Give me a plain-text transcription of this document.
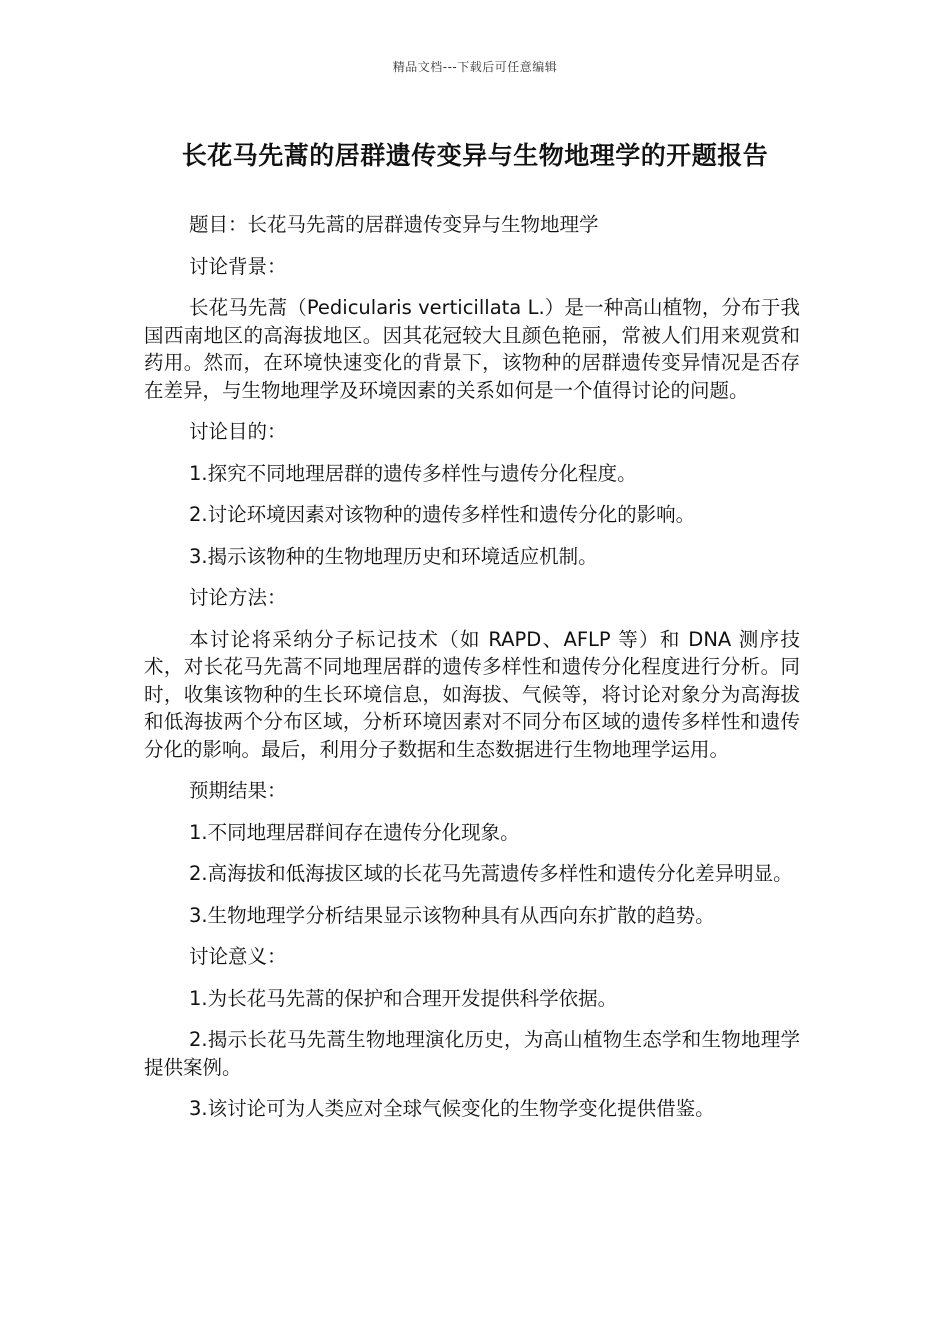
精品文档---下载后可任意编辑
长花马先蒿的居群遗传变异与生物地理学的开题报告

题目：长花马先蒿的居群遗传变异与生物地理学

讨论背景：

长花马先蒿（Pedicularis verticillata L.）是一种高山植物，分布于我国西南地区的高海拔地区。因其花冠较大且颜色艳丽，常被人们用来观赏和药用。然而，在环境快速变化的背景下，该物种的居群遗传变异情况是否存在差异，与生物地理学及环境因素的关系如何是一个值得讨论的问题。

讨论目的：

1.探究不同地理居群的遗传多样性与遗传分化程度。

2.讨论环境因素对该物种的遗传多样性和遗传分化的影响。

3.揭示该物种的生物地理历史和环境适应机制。

讨论方法：

本讨论将采纳分子标记技术（如 RAPD、AFLP 等）和 DNA 测序技术，对长花马先蒿不同地理居群的遗传多样性和遗传分化程度进行分析。同时，收集该物种的生长环境信息，如海拔、气候等，将讨论对象分为高海拔和低海拔两个分布区域，分析环境因素对不同分布区域的遗传多样性和遗传分化的影响。最后，利用分子数据和生态数据进行生物地理学运用。

预期结果：

1.不同地理居群间存在遗传分化现象。

2.高海拔和低海拔区域的长花马先蒿遗传多样性和遗传分化差异明显。

3.生物地理学分析结果显示该物种具有从西向东扩散的趋势。

讨论意义：

1.为长花马先蒿的保护和合理开发提供科学依据。

2.揭示长花马先蒿生物地理演化历史，为高山植物生态学和生物地理学提供案例。

3.该讨论可为人类应对全球气候变化的生物学变化提供借鉴。
